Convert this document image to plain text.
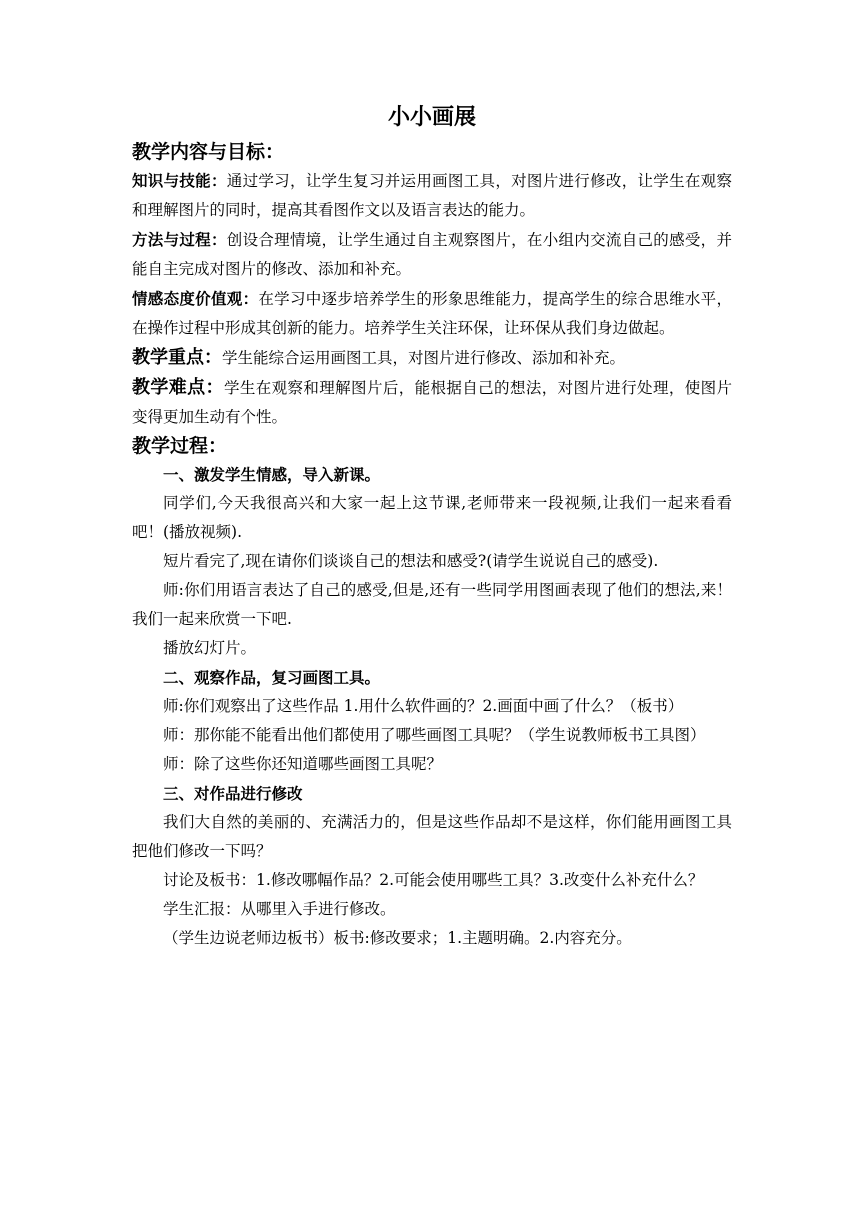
小小画展
教学内容与目标：

知识与技能：通过学习，让学生复习并运用画图工具，对图片进行修改，让学生在观察和理解图片的同时，提高其看图作文以及语言表达的能力。

方法与过程：创设合理情境，让学生通过自主观察图片，在小组内交流自己的感受，并能自主完成对图片的修改、添加和补充。

情感态度价值观：在学习中逐步培养学生的形象思维能力，提高学生的综合思维水平，在操作过程中形成其创新的能力。培养学生关注环保，让环保从我们身边做起。

教学重点：学生能综合运用画图工具，对图片进行修改、添加和补充。

教学难点：学生在观察和理解图片后，能根据自己的想法，对图片进行处理，使图片变得更加生动有个性。

教学过程：

一、激发学生情感，导入新课。

同学们,今天我很高兴和大家一起上这节课,老师带来一段视频,让我们一起来看看吧！(播放视频).

短片看完了,现在请你们谈谈自己的想法和感受?(请学生说说自己的感受).

师:你们用语言表达了自己的感受,但是,还有一些同学用图画表现了他们的想法,来！我们一起来欣赏一下吧.

播放幻灯片。

二、观察作品，复习画图工具。

师:你们观察出了这些作品 1.用什么软件画的？2.画面中画了什么？（板书）

师：那你能不能看出他们都使用了哪些画图工具呢？（学生说教师板书工具图）

师：除了这些你还知道哪些画图工具呢？

三、对作品进行修改

我们大自然的美丽的、充满活力的，但是这些作品却不是这样，你们能用画图工具把他们修改一下吗？

讨论及板书：1.修改哪幅作品？2.可能会使用哪些工具？3.改变什么补充什么？

学生汇报：从哪里入手进行修改。

（学生边说老师边板书）板书:修改要求；1.主题明确。2.内容充分。
